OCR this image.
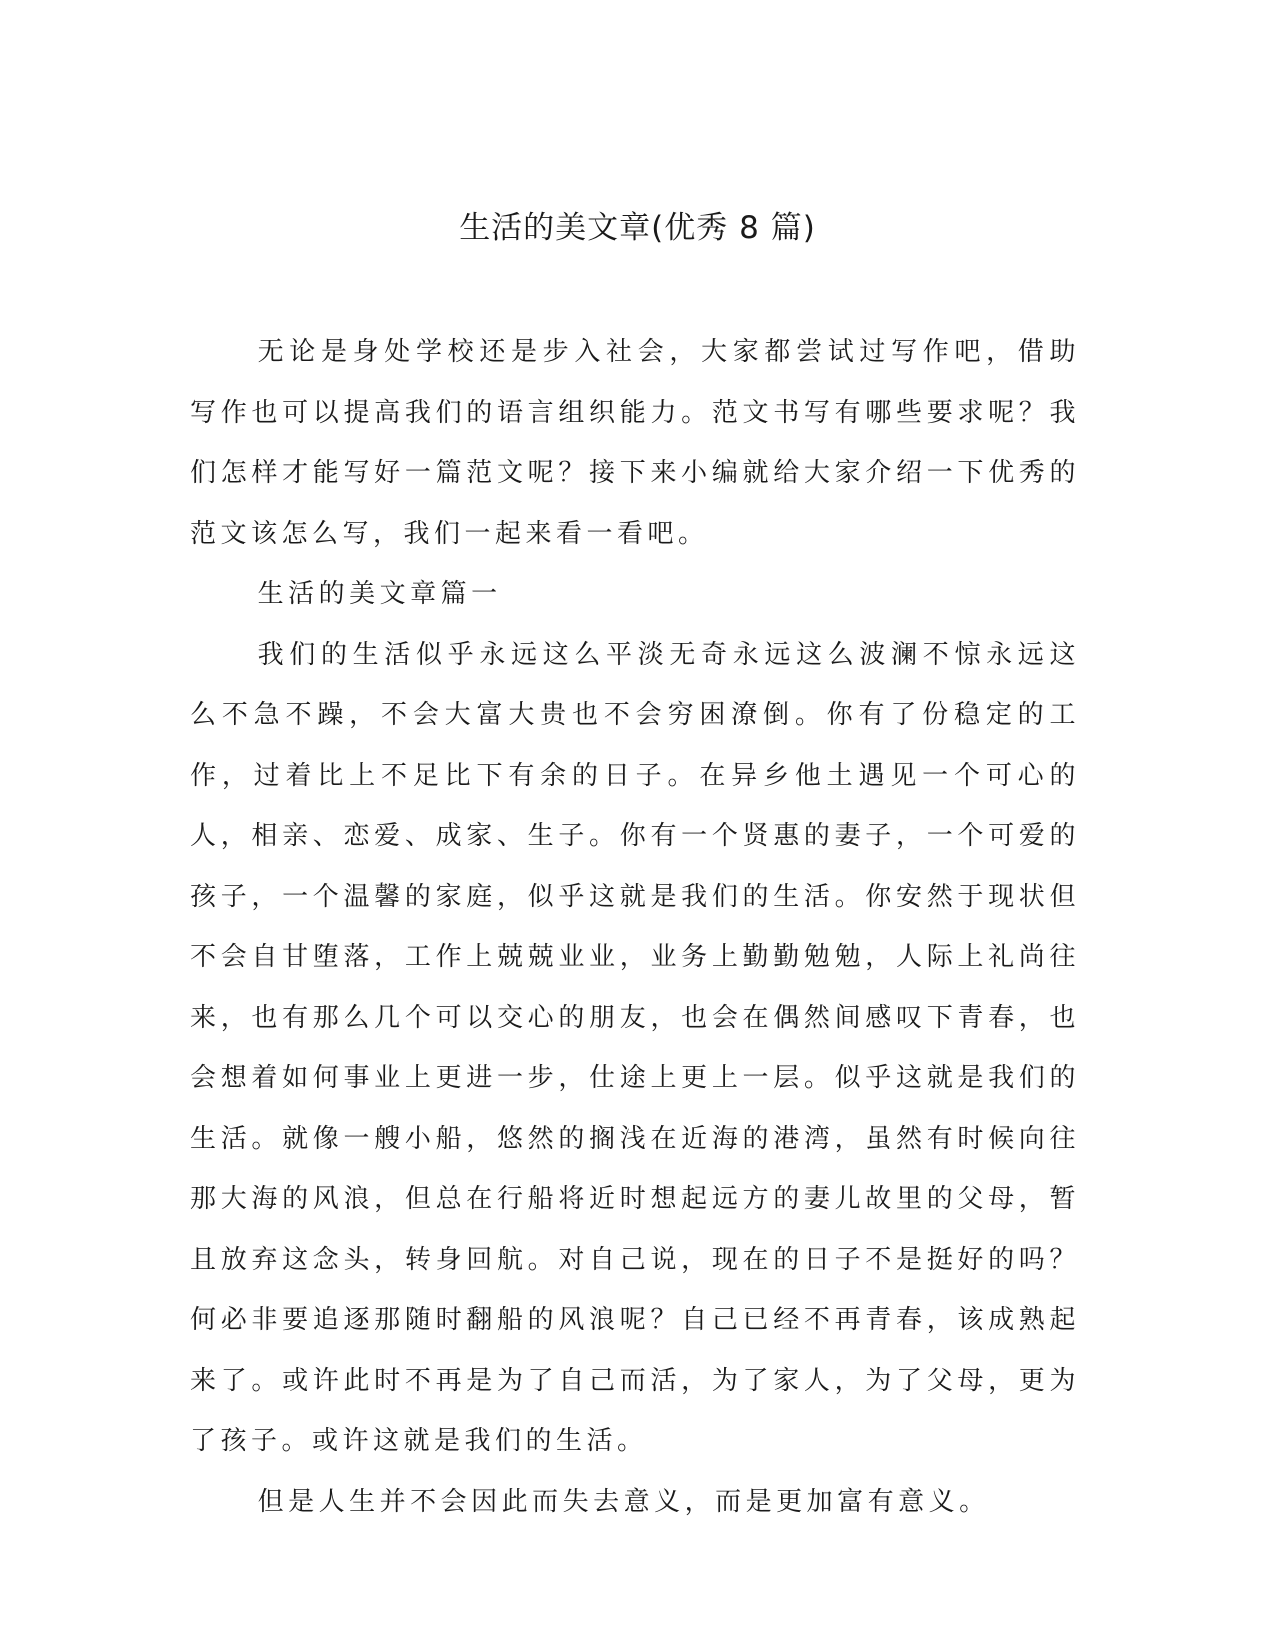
生活的美文章(优秀 8 篇)

无论是身处学校还是步入社会，大家都尝试过写作吧，借助写作也可以提高我们的语言组织能力。范文书写有哪些要求呢？我们怎样才能写好一篇范文呢？接下来小编就给大家介绍一下优秀的范文该怎么写，我们一起来看一看吧。

生活的美文章篇一

我们的生活似乎永远这么平淡无奇永远这么波澜不惊永远这么不急不躁，不会大富大贵也不会穷困潦倒。你有了份稳定的工作，过着比上不足比下有余的日子。在异乡他土遇见一个可心的人，相亲、恋爱、成家、生子。你有一个贤惠的妻子，一个可爱的孩子，一个温馨的家庭，似乎这就是我们的生活。你安然于现状但不会自甘堕落，工作上兢兢业业，业务上勤勤勉勉，人际上礼尚往来，也有那么几个可以交心的朋友，也会在偶然间感叹下青春，也会想着如何事业上更进一步，仕途上更上一层。似乎这就是我们的生活。就像一艘小船，悠然的搁浅在近海的港湾，虽然有时候向往那大海的风浪，但总在行船将近时想起远方的妻儿故里的父母，暂且放弃这念头，转身回航。对自己说，现在的日子不是挺好的吗？何必非要追逐那随时翻船的风浪呢？自己已经不再青春，该成熟起来了。或许此时不再是为了自己而活，为了家人，为了父母，更为了孩子。或许这就是我们的生活。

但是人生并不会因此而失去意义，而是更加富有意义。
